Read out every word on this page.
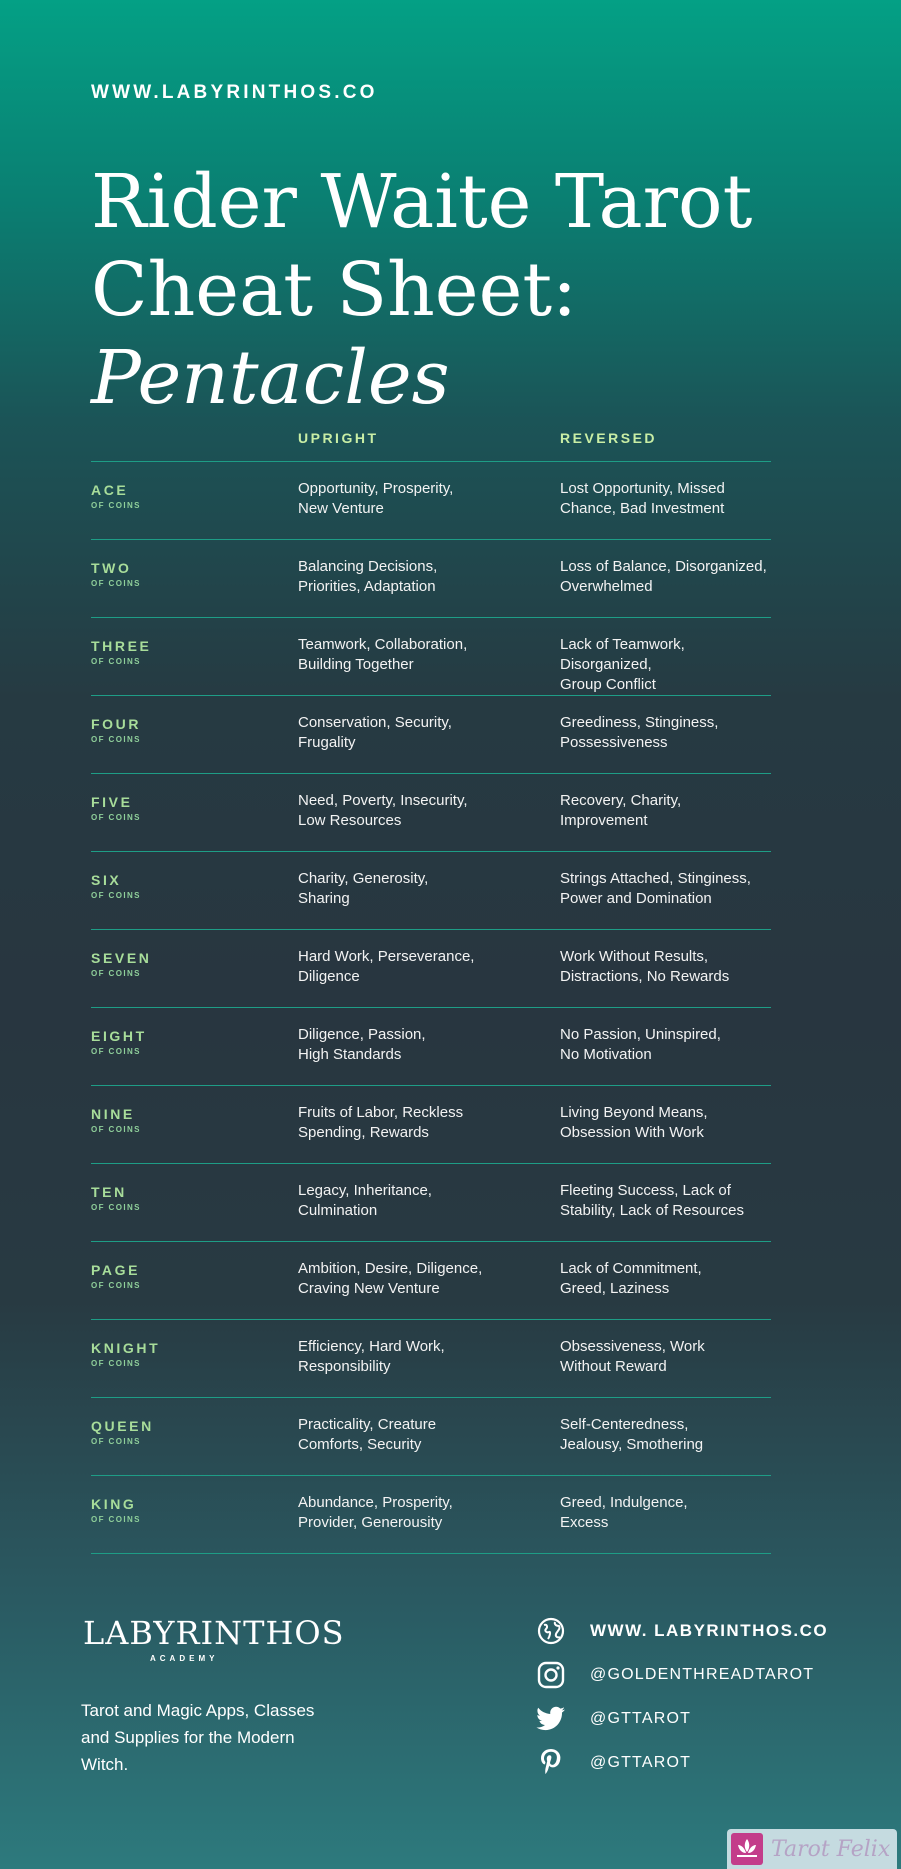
WWW.LABYRINTHOS.CO
Rider Waite Tarot
Cheat Sheet: Pentacles
UPRIGHT	REVERSED
ACE
OF COINS
Opportunity, Prosperity,
New Venture
Lost Opportunity, Missed
Chance, Bad Investment
TWO
OF COINS
Balancing Decisions,
Priorities, Adaptation
Loss of Balance, Disorganized,
Overwhelmed
THREE
OF COINS
Teamwork, Collaboration,
Building Together
Lack of Teamwork, Disorganized,
Group Conflict
FOUR
OF COINS
Conservation, Security,
Frugality
Greediness, Stinginess,
Possessiveness
FIVE
OF COINS
Need, Poverty, Insecurity,
Low Resources
Recovery, Charity,
Improvement
SIX
OF COINS
Charity, Generosity,
Sharing
Strings Attached, Stinginess,
Power and Domination
SEVEN
OF COINS
Hard Work, Perseverance,
Diligence
Work Without Results,
Distractions, No Rewards
EIGHT
OF COINS
Diligence, Passion,
High Standards
No Passion, Uninspired,
No Motivation
NINE
OF COINS
Fruits of Labor, Reckless
Spending, Rewards
Living Beyond Means,
Obsession With Work
TEN
OF COINS
Legacy, Inheritance,
Culmination
Fleeting Success, Lack of
Stability, Lack of Resources
PAGE
OF COINS
Ambition, Desire, Diligence,
Craving New Venture
Lack of Commitment,
Greed, Laziness
KNIGHT
OF COINS
Efficiency, Hard Work,
Responsibility
Obsessiveness, Work
Without Reward
QUEEN
OF COINS
Practicality, Creature
Comforts, Security
Self-Centeredness,
Jealousy, Smothering
KING
OF COINS
Abundance, Prosperity,
Provider, Generousity
Greed, Indulgence,
Excess
LABYRINTHOS
ACADEMY
Tarot and Magic Apps, Classes and Supplies for the Modern Witch.
WWW. LABYRINTHOS.CO
@GOLDENTHREADTAROT
@GTTAROT
@GTTAROT
Tarot Felix
